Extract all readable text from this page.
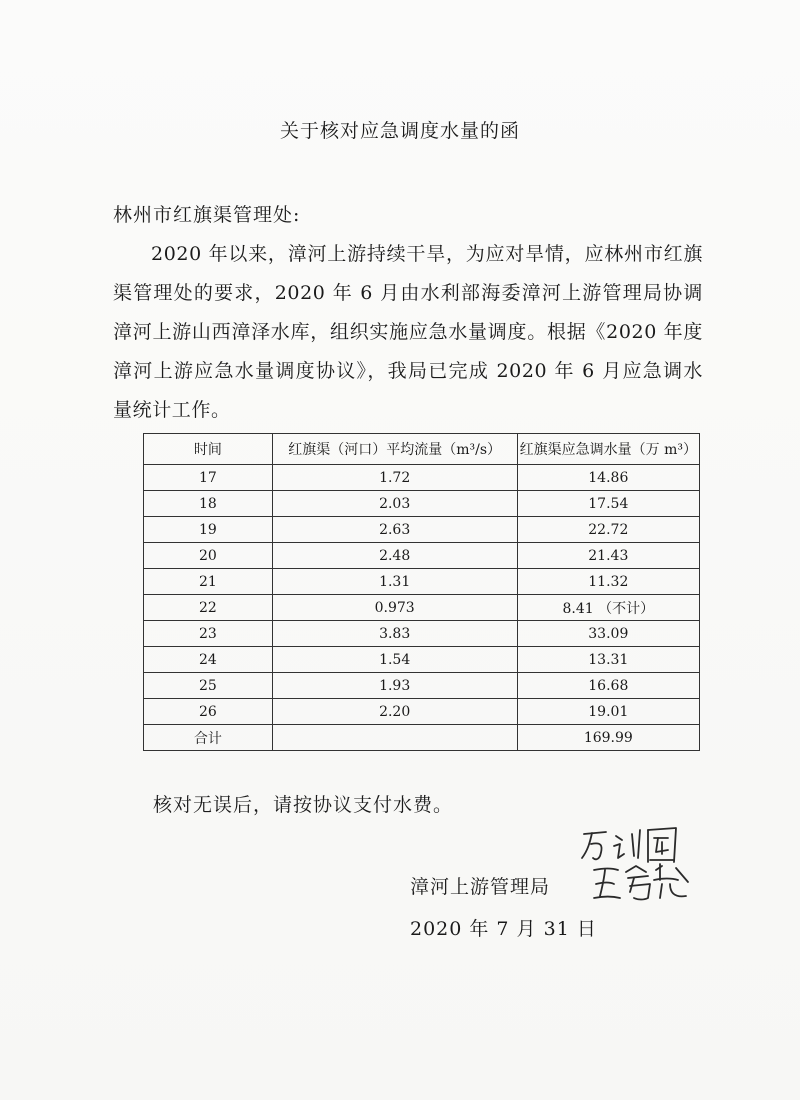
关于核对应急调度水量的函
林州市红旗渠管理处:
2020 年以来，漳河上游持续干旱，为应对旱情，应林州市红旗渠管理处的要求，2020 年 6 月由水利部海委漳河上游管理局协调漳河上游山西漳泽水库，组织实施应急水量调度。根据《2020 年度漳河上游应急水量调度协议》，我局已完成 2020 年 6 月应急调水量统计工作。
时间	红旗渠（河口）平均流量（m³/s）	红旗渠应急调水量（万 m³）
17	1.72	14.86
18	2.03	17.54
19	2.63	22.72
20	2.48	21.43
21	1.31	11.32
22	0.973	8.41 （不计）
23	3.83	33.09
24	1.54	13.31
25	1.93	16.68
26	2.20	19.01
合计		169.99
核对无误后，请按协议支付水费。
漳河上游管理局
2020 年 7 月 31 日
